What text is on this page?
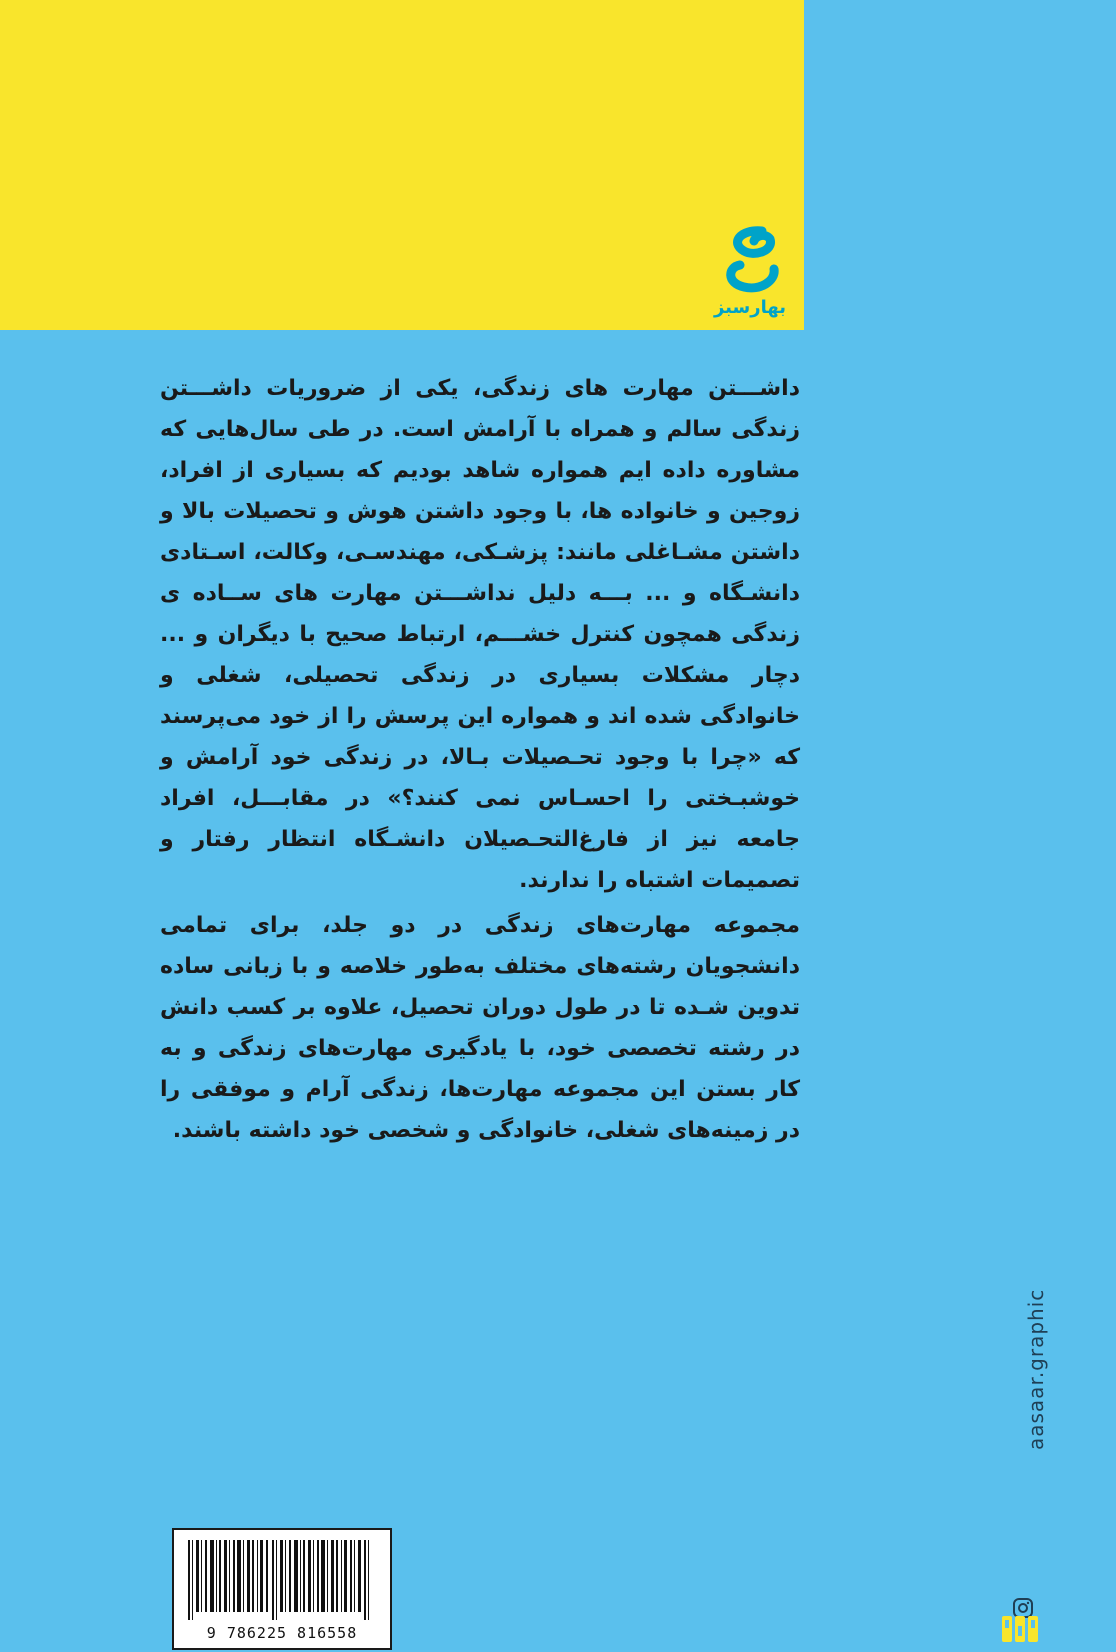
بهارسبز

داشـــتن مهارت های زندگی، یکی از ضروریات داشـــتن زندگی سالم و همراه با آرامش است. در طی سال‌هایی که مشاوره داده ایم همواره شاهد بودیم که بسیاری از افراد، زوجین و خانواده ها، با وجود داشتن هوش و تحصیلات بالا و داشتن مشـاغلی مانند: پزشـکی، مهندسـی، وکالت، اسـتادی دانشـگاه و ... بـــه دلیل نداشـــتن مهارت های ســاده ی زندگی همچون کنترل خشـــم، ارتباط صحیح با دیگران و ... دچار مشکلات بسیاری در زندگی تحصیلی، شغلی و خانوادگی شده اند و همواره این پرسش را از خود می‌پرسند که «چرا با وجود تحـصیلات بـالا، در زندگی خود آرامش و خوشبـختی را احسـاس نمی کنند؟» در مقابـــل، افراد جامعه نیز از فارغ‌التحـصیلان دانشـگاه انتظار رفتار و تصمیمات اشتباه را ندارند.

مجموعه مهارت‌های زندگی در دو جلد، برای تمامی دانشجویان رشته‌های مختلف به‌طور خلاصه و با زبانی ساده تدوین شـده تا در طول دوران تحصیل، علاوه بر کسب دانش در رشته تخصصی خود، با یادگیری مهارت‌های زندگی و به کار بستن این مجموعه مهارت‌ها، زندگی آرام و موفقی را در زمینه‌های شغلی، خانوادگی و شخصی خود داشته باشند.

9 786225 816558
aasaar.graphic
